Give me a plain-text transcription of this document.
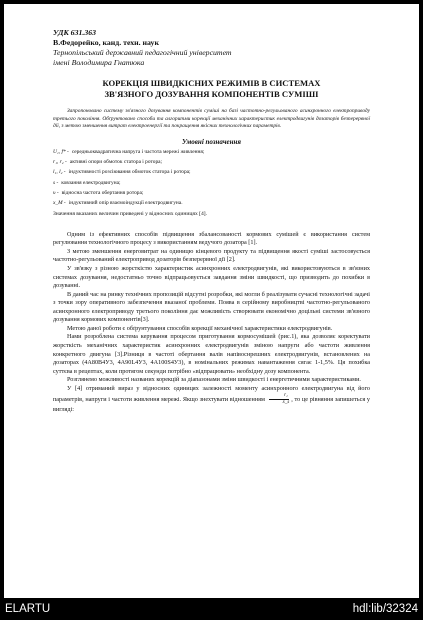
УДК 631.363
В.Федорейко, канд. техн. наук
Тернопільський державний педагогічний університет
імені Володимира Гнатюка
КОРЕКЦІЯ ШВИДКІСНИХ РЕЖИМІВ В СИСТЕМАХ
ЗВ'ЯЗНОГО ДОЗУВАННЯ КОМПОНЕНТІВ СУМІШІ

Запропоновано систему зв'язного дозування компонентів суміші на базі частотно-регульованого асинхронного електроприводу третього покоління. Обґрунтовано способи та алгоритми корекції механічних характеристик електродвигунів дозаторів безперервної дії, з метою зменшення витрат електроенергії та покращення якісних технологічних параметрів.

Умовні позначення
U₁, f* - середньоквадратична напруга і частота мережі живлення;
r₁, r₂ - активні опори обмоток статора і ротора;
l₁, l₂ - індуктивності розсіювання обмоток статора і ротора;
s - ковзання електродвигуна;
υ - відносна частота обертання ротора;
x_M - індуктивний опір взаємоіндукції електродвигуна.
Значення вказаних величин приведені у відносних одиницях [4].

Одним із ефективних способів підвищення збалансованості кормових сумішей є використання систем регулювання технологічного процесу з використанням ведучого дозатора [1].

З метою зменшення енерговитрат на одиницю кінцевого продукту та підвищення якості суміші застосовується частотно-регульований електропривод дозаторів безперервної дії [2].

У зв'язку з різною жорсткістю характеристик асинхронних електродвигунів, які використовуються в зв'язних системах дозування, недостатньо точно відпрацьовується завдання зміни швидкості, що призводить до похибки в дозуванні.

В даний час на ринку технічних пропозицій відсутні розробки, які могли б реалізувати сучасні технологічні задачі з точки зору оперативного забезпечення вказаної проблеми. Поява в серійному виробництві частотно-регульованого асинхронного електроприводу третього покоління дає можливість створювати економічно доцільні системи зв'язного дозування кормових компонентів[3].

Метою даної роботи є обґрунтування способів корекції механічної характеристики електродвигунів.

Нами розроблена система керування процесом приготування кормосумішей (рис.1), яка дозволяє коректувати жорсткість механічних характеристик асинхронних електродвигунів зміною напруги або частоти живлення конкретного двигуна [3].Різниця в частоті обертання валів напівоснрешних електродвигунів, встановлених на дозаторах (4А80В4У3, 4А90L4У3, 4А100S4У3), в номінальних режимах навантаження сягає 1-1,5%. Ця похибка суттєва в рецептах, коли протягом секунди потрібно «відпрацювати» необхідну дозу компонента.

Розглянемо можливості названих корекцій за діапазонами зміни швидкості і енергетичними характеристиками.

У [4] отриманий вираз у відносних одиницях залежності моменту асинхронного електродвигуна від його параметрів, напруги і частоти живлення мережі. Якщо знехтувати відношенням $\frac{\text{r₁}}{x\_s}$ , то це рівняння запишеться у вигляді:

ELARTU	hdl:lib/32324
